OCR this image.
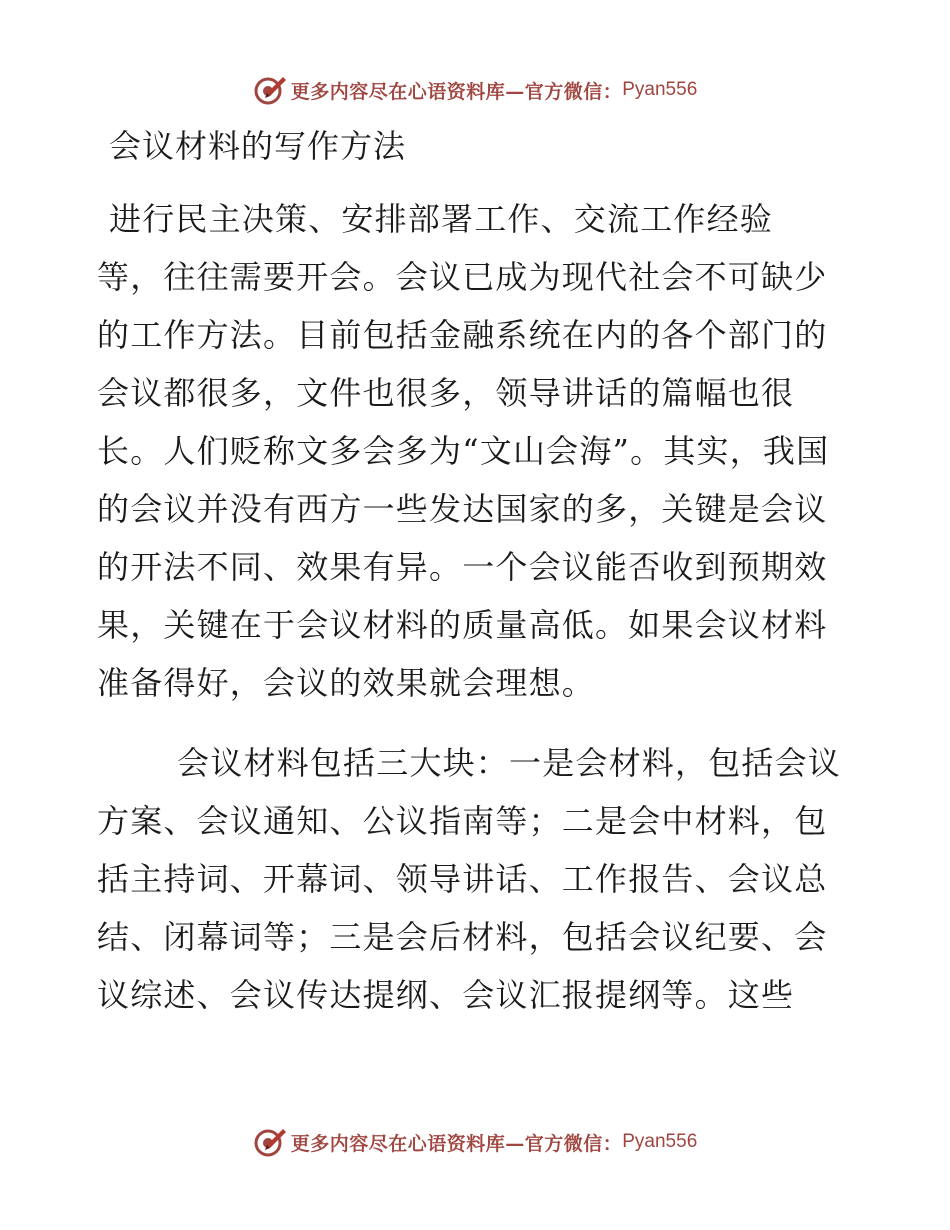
更多内容尽在心语资料库—官方微信： Pyan556
会议材料的写作方法

进行民主决策、安排部署工作、交流工作经验
等，往往需要开会。会议已成为现代社会不可缺少的工作方法。目前包括金融系统在内的各个部门的会议都很多，文件也很多，领导讲话的篇幅也很长。人们贬称文多会多为“文山会海”。其实，我国的会议并没有西方一些发达国家的多，关键是会议的开法不同、效果有异。一个会议能否收到预期效果，关键在于会议材料的质量高低。如果会议材料准备得好，会议的效果就会理想。

会议材料包括三大块：一是会材料，包括会议方案、会议通知、公议指南等；二是会中材料，包括主持词、开幕词、领导讲话、工作报告、会议总结、闭幕词等；三是会后材料，包括会议纪要、会议综述、会议传达提纲、会议汇报提纲等。这些

更多内容尽在心语资料库—官方微信： Pyan556
